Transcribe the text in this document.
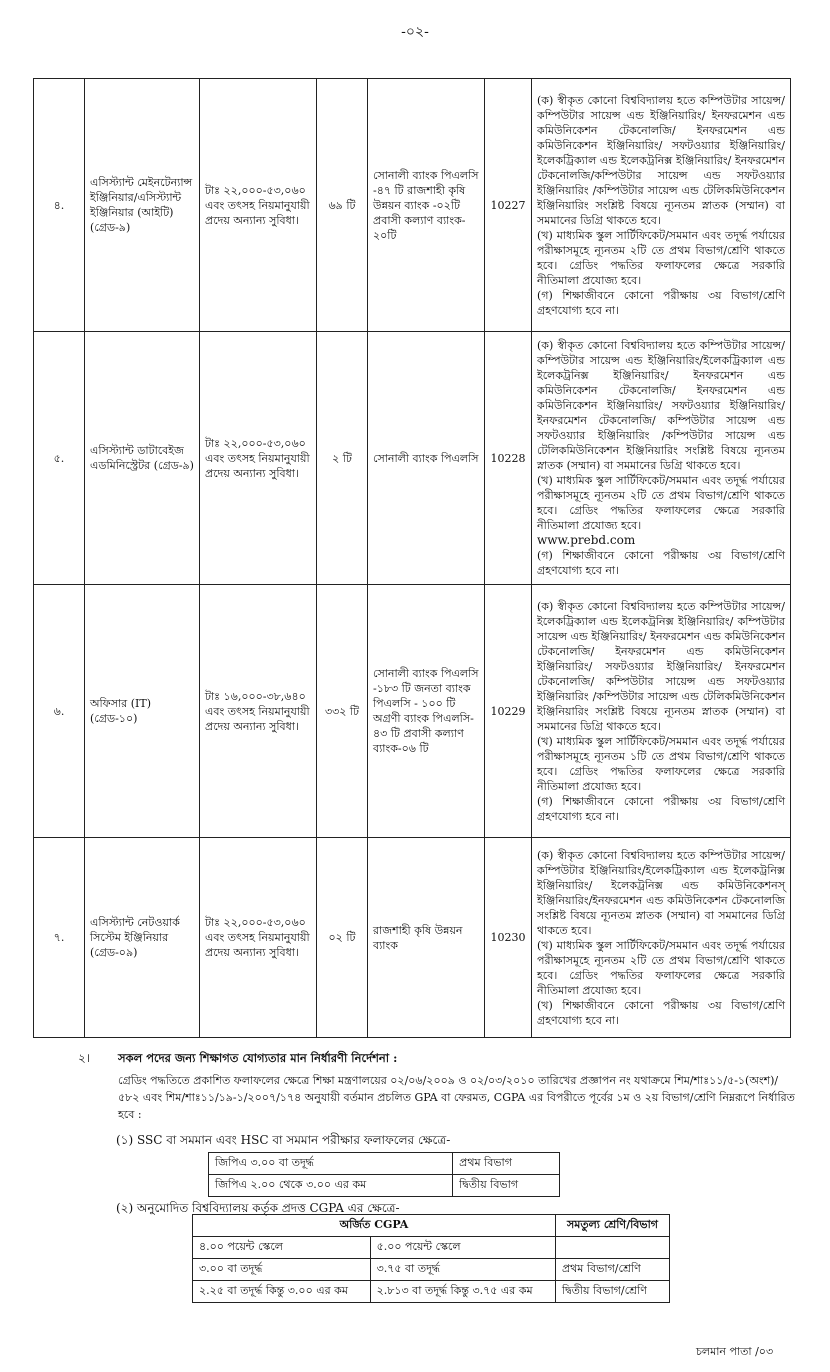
-০২-
৪.	এসিস্ট্যান্ট মেইনটেন্যান্স ইঞ্জিনিয়ার/এসিস্ট্যান্ট ইঞ্জিনিয়ার (আইটি) (গ্রেড-৯)	টাঃ ২২,০০০-৫৩,০৬০ এবং তৎসহ নিয়মানুযায়ী প্রদেয় অন্যান্য সুবিধা।	৬৯ টি	সোনালী ব্যাংক পিএলসি -৪৭ টি রাজশাহী কৃষি উন্নয়ন ব্যাংক -০২টি প্রবাসী কল্যাণ ব্যাংক- ২০টি	10227	(ক) স্বীকৃত কোনো বিশ্ববিদ্যালয় হতে কম্পিউটার সায়েন্স/ কম্পিউটার সায়েন্স এন্ড ইঞ্জিনিয়ারিং/ ইনফরমেশন এন্ড কমিউনিকেশন টেকনোলজি/ ইনফরমেশন এন্ড কমিউনিকেশন ইঞ্জিনিয়ারিং/ সফটওয়্যার ইঞ্জিনিয়ারিং/ইলেকট্রিক্যাল এন্ড ইলেকট্রনিক্স ইঞ্জিনিয়ারিং/ ইনফরমেশন টেকনোলজি/কম্পিউটার সায়েন্স এন্ড সফটওয়্যার ইঞ্জিনিয়ারিং /কম্পিউটার সায়েন্স এন্ড টেলিকমিউনিকেশন ইঞ্জিনিয়ারিং সংশ্লিষ্ট বিষয়ে ন্যূনতম স্নাতক (সম্মান) বা সমমানের ডিগ্রি থাকতে হবে।
(খ) মাধ্যমিক স্কুল সার্টিফিকেট/সমমান এবং তদূর্দ্ধ পর্যায়ের পরীক্ষাসমূহে ন্যূনতম ২টি তে প্রথম বিভাগ/শ্রেণি থাকতে হবে। গ্রেডিং পদ্ধতির ফলাফলের ক্ষেত্রে সরকারি নীতিমালা প্রযোজ্য হবে।
(গ) শিক্ষাজীবনে কোনো পরীক্ষায় ৩য় বিভাগ/শ্রেণি গ্রহণযোগ্য হবে না।

৫.	এসিস্ট্যান্ট ডাটাবেইজ এডমিনিস্ট্রেটর (গ্রেড-৯)	টাঃ ২২,০০০-৫৩,০৬০ এবং তৎসহ নিয়মানুযায়ী প্রদেয় অন্যান্য সুবিধা।	২ টি	সোনালী ব্যাংক পিএলসি	10228	(ক) স্বীকৃত কোনো বিশ্ববিদ্যালয় হতে কম্পিউটার সায়েন্স/ কম্পিউটার সায়েন্স এন্ড ইঞ্জিনিয়ারিং/ইলেকট্রিক্যাল এন্ড ইলেকট্রনিক্স ইঞ্জিনিয়ারিং/ ইনফরমেশন এন্ড কমিউনিকেশন টেকনোলজি/ ইনফরমেশন এন্ড কমিউনিকেশন ইঞ্জিনিয়ারিং/ সফটওয়্যার ইঞ্জিনিয়ারিং/ ইনফরমেশন টেকনোলজি/ কম্পিউটার সায়েন্স এন্ড সফটওয়্যার ইঞ্জিনিয়ারিং /কম্পিউটার সায়েন্স এন্ড টেলিকমিউনিকেশন ইঞ্জিনিয়ারিং সংশ্লিষ্ট বিষয়ে ন্যূনতম স্নাতক (সম্মান) বা সমমানের ডিগ্রি থাকতে হবে।
(খ) মাধ্যমিক স্কুল সার্টিফিকেট/সমমান এবং তদূর্দ্ধ পর্যায়ের পরীক্ষাসমূহে ন্যূনতম ২টি তে প্রথম বিভাগ/শ্রেণি থাকতে হবে। গ্রেডিং পদ্ধতির ফলাফলের ক্ষেত্রে সরকারি নীতিমালা প্রযোজ্য হবে।
www.prebd.com
(গ) শিক্ষাজীবনে কোনো পরীক্ষায় ৩য় বিভাগ/শ্রেণি গ্রহণযোগ্য হবে না।

৬.	অফিসার (IT) (গ্রেড-১০)	টাঃ ১৬,০০০-৩৮,৬৪০ এবং তৎসহ নিয়মানুযায়ী প্রদেয় অন্যান্য সুবিধা।	৩৩২ টি	সোনালী ব্যাংক পিএলসি -১৮৩ টি জনতা ব্যাংক পিএলসি - ১০০ টি অগ্রণী ব্যাংক পিএলসি- ৪৩ টি প্রবাসী কল্যাণ ব্যাংক-০৬ টি	10229	(ক) স্বীকৃত কোনো বিশ্ববিদ্যালয় হতে কম্পিউটার সায়েন্স/ইলেকট্রিক্যাল এন্ড ইলেকট্রনিক্স ইঞ্জিনিয়ারিং/ কম্পিউটার সায়েন্স এন্ড ইঞ্জিনিয়ারিং/ ইনফরমেশন এন্ড কমিউনিকেশন টেকনোলজি/ ইনফরমেশন এন্ড কমিউনিকেশন ইঞ্জিনিয়ারিং/ সফটওয়্যার ইঞ্জিনিয়ারিং/ ইনফরমেশন টেকনোলজি/ কম্পিউটার সায়েন্স এন্ড সফটওয়্যার ইঞ্জিনিয়ারিং /কম্পিউটার সায়েন্স এন্ড টেলিকমিউনিকেশন ইঞ্জিনিয়ারিং সংশ্লিষ্ট বিষয়ে ন্যূনতম স্নাতক (সম্মান) বা সমমানের ডিগ্রি থাকতে হবে।
(খ) মাধ্যমিক স্কুল সার্টিফিকেট/সমমান এবং তদূর্দ্ধ পর্যায়ের পরীক্ষাসমূহে ন্যূনতম ১টি তে প্রথম বিভাগ/শ্রেণি থাকতে হবে। গ্রেডিং পদ্ধতির ফলাফলের ক্ষেত্রে সরকারি নীতিমালা প্রযোজ্য হবে।
(গ) শিক্ষাজীবনে কোনো পরীক্ষায় ৩য় বিভাগ/শ্রেণি গ্রহণযোগ্য হবে না।

৭.	এসিস্ট্যান্ট নেটওয়ার্ক সিস্টেম ইঞ্জিনিয়ার (গ্রেড-০৯)	টাঃ ২২,০০০-৫৩,০৬০ এবং তৎসহ নিয়মানুযায়ী প্রদেয় অন্যান্য সুবিধা।	০২ টি	রাজশাহী কৃষি উন্নয়ন ব্যাংক	10230	(ক) স্বীকৃত কোনো বিশ্ববিদ্যালয় হতে কম্পিউটার সায়েন্স/ কম্পিউটার ইঞ্জিনিয়ারিং/ইলেকট্রিক্যাল এন্ড ইলেকট্রনিক্স ইঞ্জিনিয়ারিং/ ইলেকট্রনিক্স এন্ড কমিউনিকেশনস্ ইঞ্জিনিয়ারিং/ইনফরমেশন এন্ড কমিউনিকেশন টেকনোলজি সংশ্লিষ্ট বিষয়ে ন্যূনতম স্নাতক (সম্মান) বা সমমানের ডিগ্রি থাকতে হবে।
(খ) মাধ্যমিক স্কুল সার্টিফিকেট/সমমান এবং তদূর্দ্ধ পর্যায়ের পরীক্ষাসমূহে ন্যূনতম ২টি তে প্রথম বিভাগ/শ্রেণি থাকতে হবে। গ্রেডিং পদ্ধতির ফলাফলের ক্ষেত্রে সরকারি নীতিমালা প্রযোজ্য হবে।
(খ) শিক্ষাজীবনে কোনো পরীক্ষায় ৩য় বিভাগ/শ্রেণি গ্রহণযোগ্য হবে না।
২। সকল পদের জন্য শিক্ষাগত যোগ্যতার মান নির্ধারণী নির্দেশনা :
গ্রেডিং পদ্ধতিতে প্রকাশিত ফলাফলের ক্ষেত্রে শিক্ষা মন্ত্রণালয়ের ০২/০৬/২০০৯ ও ০২/০৩/২০১০ তারিখের প্রজ্ঞাপন নং যথাক্রমে শিম/শাঃ১১/৫-১(অংশ)/৫৮২ এবং শিম/শাঃ১১/১৯-১/২০০৭/১৭৪ অনুযায়ী বর্তমান প্রচলিত GPA বা ফেরমত, CGPA এর বিপরীতে পূর্বের ১ম ও ২য় বিভাগ/শ্রেণি নিম্নরূপে নির্ধারিত হবে :
(১) SSC বা সমমান এবং HSC বা সমমান পরীক্ষার ফলাফলের ক্ষেত্রে-
জিপিএ ৩.০০ বা তদূর্দ্ধ	প্রথম বিভাগ
জিপিএ ২.০০ থেকে ৩.০০ এর কম	দ্বিতীয় বিভাগ
(২) অনুমোদিত বিশ্ববিদ্যালয় কর্তৃক প্রদত্ত CGPA এর ক্ষেত্রে-
অর্জিত CGPA		সমতুল্য শ্রেণি/বিভাগ
৪.০০ পয়েন্ট স্কেলে	৫.০০ পয়েন্ট স্কেলে	
৩.০০ বা তদূর্দ্ধ	৩.৭৫ বা তদূর্দ্ধ	প্রথম বিভাগ/শ্রেণি
২.২৫ বা তদূর্দ্ধ কিন্তু ৩.০০ এর কম	২.৮১৩ বা তদূর্দ্ধ কিন্তু ৩.৭৫ এর কম	দ্বিতীয় বিভাগ/শ্রেণি
চলমান পাতা /০৩
